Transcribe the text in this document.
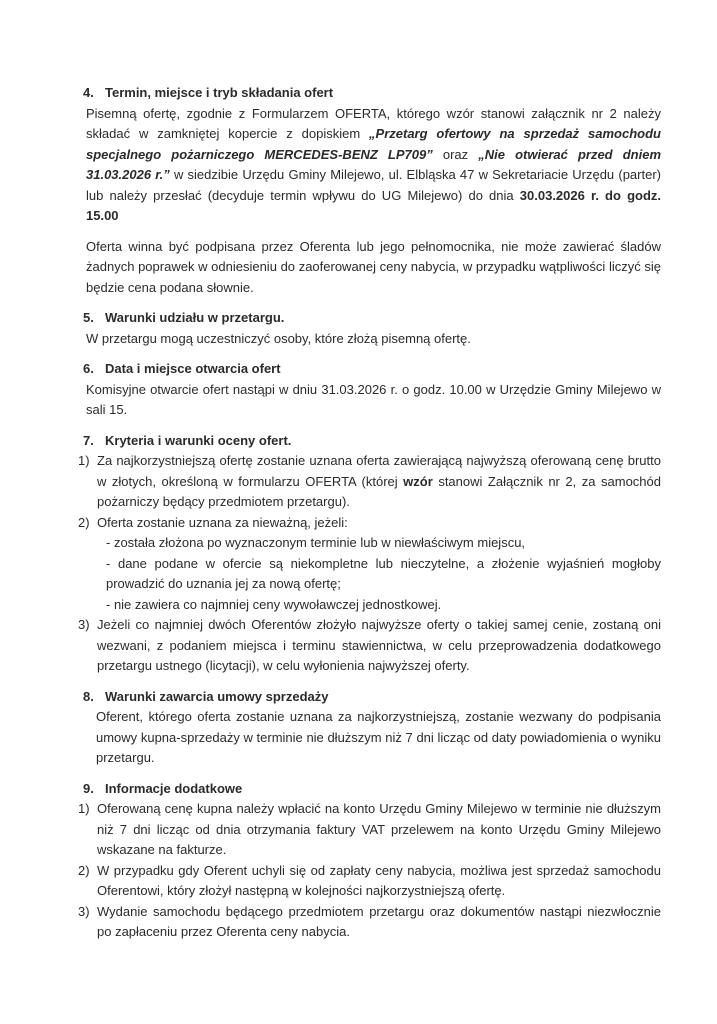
4. Termin, miejsce i tryb składania ofert
Pisemną ofertę, zgodnie z Formularzem OFERTA, którego wzór stanowi załącznik nr 2 należy składać w zamkniętej kopercie z dopiskiem „Przetarg ofertowy na sprzedaż samochodu specjalnego pożarniczego MERCEDES-BENZ LP709” oraz „Nie otwierać przed dniem 31.03.2026 r.” w siedzibie Urzędu Gminy Milejewo, ul. Elbląska 47 w Sekretariacie Urzędu (parter) lub należy przesłać (decyduje termin wpływu do UG Milejewo) do dnia 30.03.2026 r. do godz. 15.00
Oferta winna być podpisana przez Oferenta lub jego pełnomocnika, nie może zawierać śladów żadnych poprawek w odniesieniu do zaoferowanej ceny nabycia, w przypadku wątpliwości liczyć się będzie cena podana słownie.
5. Warunki udziału w przetargu.
W przetargu mogą uczestniczyć osoby, które złożą pisemną ofertę.
6. Data i miejsce otwarcia ofert
Komisyjne otwarcie ofert nastąpi w dniu 31.03.2026 r. o godz. 10.00 w Urzędzie Gminy Milejewo w sali 15.
7. Kryteria i warunki oceny ofert.
1) Za najkorzystniejszą ofertę zostanie uznana oferta zawierającą najwyższą oferowaną cenę brutto w złotych, określoną w formularzu OFERTA (której wzór stanowi Załącznik nr 2, za samochód pożarniczy będący przedmiotem przetargu).
2) Oferta zostanie uznana za nieważną, jeżeli:
- została złożona po wyznaczonym terminie lub w niewłaściwym miejscu,
- dane podane w ofercie są niekompletne lub nieczytelne, a złożenie wyjaśnień mogłoby prowadzić do uznania jej za nową ofertę;
- nie zawiera co najmniej ceny wywoławczej jednostkowej.
3) Jeżeli co najmniej dwóch Oferentów złożyło najwyższe oferty o takiej samej cenie, zostaną oni wezwani, z podaniem miejsca i terminu stawiennictwa, w celu przeprowadzenia dodatkowego przetargu ustnego (licytacji), w celu wyłonienia najwyższej oferty.
8. Warunki zawarcia umowy sprzedaży
Oferent, którego oferta zostanie uznana za najkorzystniejszą, zostanie wezwany do podpisania umowy kupna-sprzedaży w terminie nie dłuższym niż 7 dni licząc od daty powiadomienia o wyniku przetargu.
9. Informacje dodatkowe
1) Oferowaną cenę kupna należy wpłacić na konto Urzędu Gminy Milejewo w terminie nie dłuższym niż 7 dni licząc od dnia otrzymania faktury VAT przelewem na konto Urzędu Gminy Milejewo wskazane na fakturze.
2) W przypadku gdy Oferent uchyli się od zapłaty ceny nabycia, możliwa jest sprzedaż samochodu Oferentowi, który złożył następną w kolejności najkorzystniejszą ofertę.
3) Wydanie samochodu będącego przedmiotem przetargu oraz dokumentów nastąpi niezwłocznie po zapłaceniu przez Oferenta ceny nabycia.
